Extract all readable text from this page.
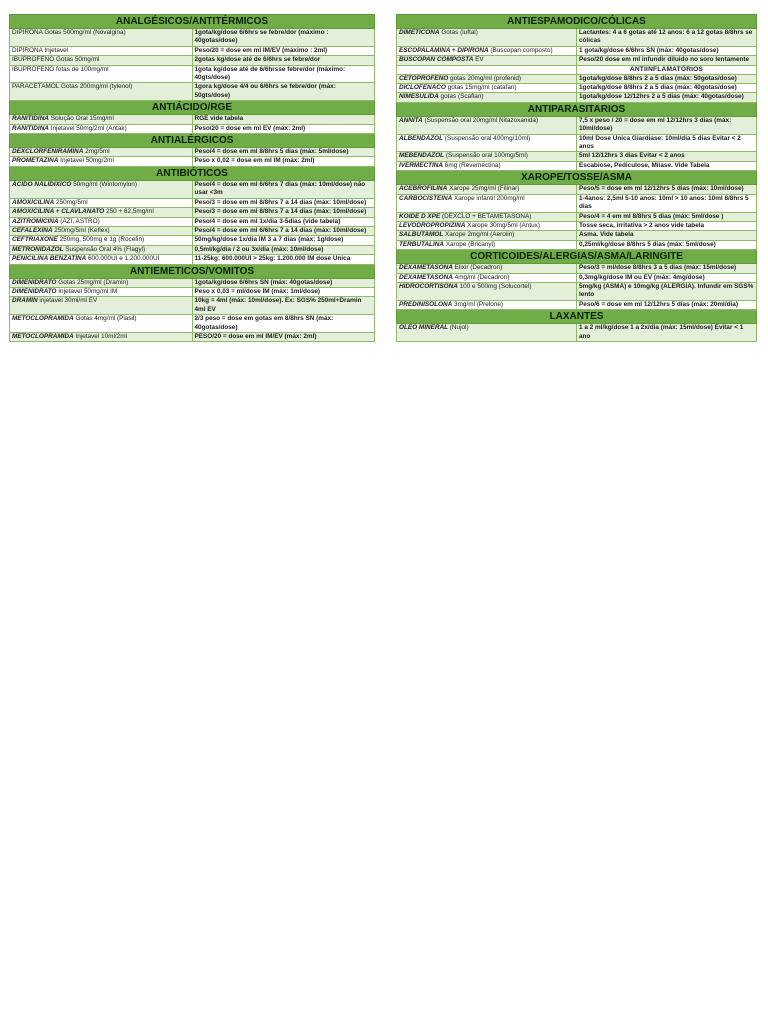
ANALGÉSICOS/ANTITÉRMICOS	
DIPIRONA Gotas 500mg/ml (Novalgina)	1gota/kg/dose 6/6hrs se febre/dor (máximo : 40gotas/dose)
DIPIRONA Injetavel	Peso/20 = dose em ml IM/EV (máximo : 2ml)
IBUPROFENO Gotas 50mg/ml	2gotas kg/dose até de 6/6hrs se febre/dor
IBUPROFENO fotas de 100mg/ml	1gota kg/dose até de 6/6hrsse febre/dor (máximo: 40gts/dose)
PARACETAMOL Gotas 200mg/ml (tylenol)	1gora kg/dose 4/4 ou 6/6hrs se febre/dor (máx: 50gts/dose)
ANTIÁCIDO/RGE	
RANITIDINA Solução Oral 15mg/ml	RGE vide tabela
RANITIDINA Injetavel 50mg/2ml (Antak)	Peso/20 = dose em ml EV (máx: 2ml)
ANTIALÉRGICOS	
DEXCLORFENIRAMINA 2mg/5ml	Peso/4 = dose em ml 8/8hrs 5 dias (máx: 5ml/dose)
PROMETAZINA Injetavel 50mg/2ml	Peso x 0,02 = dose em ml IM (máx: 2ml)
ANTIBIÓTICOS	
ÁCIDO NALIDIXICO 50mg/ml (Wintomylon)	Peso/4 = dose em ml 6/6hrs 7 dias (máx: 10ml/dose) não usar <3m
AMOXICILINA 250mg/5ml	Peso/3 = dose em ml 8/8hrs 7 a 14 dias (máx: 10ml/dose)
AMOXICILINA + CLAVLANATO 250 + 62,5mg/ml	Peso/3 = dose em ml 8/8hrs 7 a 14 dias (máx: 10ml/dose)
AZITROMICINA (AZI, ASTRO)	Peso/4 = dose em ml 1x/dia 3-5dias (vide tabela)
CEFALEXINA 250mg/5ml (Keflex)	Peso/4 = dose em ml 6/6hrs 7 a 14 dias (máx: 10ml/dose)
CEFTRIAXONE 250mg, 500mg e 1g (Rocefin)	50mg/kg/dose 1x/dia IM 3 a 7 dias (máx: 1g/dose)
METRONIDAZOL Suspensão Oral 4% (Flagyl)	0,5ml/kg/dia / 2 ou 3x/dia (máx: 10ml/dose)
PENICILINA BENZATINA 600.000UI e 1.200.000UI	11-25kg: 600.000UI > 25kg: 1.200.000 IM dose Unica
ANTIEMETICOS/VOMITOS	
DIMENIDRATO Gotas 25mg/ml (Dramin)	1gota/kg/dose 6/6hrs SN (máx: 40gotas/dose)
DIMENIDRATO Injetavel 50mg/ml IM	Peso x 0,03 = ml/dose IM (máx: 1ml/dose)
DRAMIN injetavel 30ml/ml EV	10kg = 4ml (máx: 10ml/dose). Ex: SGS% 250ml+Dramin 4ml EV
METOCLOPRAMIDA Gotas 4mg/ml (Plasil)	2/3 peso = dose em gotas em 8/8hrs SN (máx: 40gotas/dose)
METOCLOPRAMIDA Injetavel 10ml/2ml	PESO/20 = dose em ml IM/EV (máx: 2ml)
ANTIESPAMODICO/CÓLICAS	
DIMETICONA Gotas (luftal)	Lactantes: 4 a 6 gotas até 12 anos: 6 a 12 gotas 8/8hrs se cólicas
ESCOPALAMINA + DIPIRONA (Buscopan composto)	1 gota/kg/dose 6/6hrs SN (máx: 40gotas/dose)
BUSCOPAN COMPOSTA EV	Peso/20 dose em ml infundir diluido no soro lentamente
	ANTIINFLAMATÓRIOS
CETOPROFENO gotas 20mg/ml (profenid)	1gota/kg/dose 8/8hrs 2 a 5 dias (máx: 50gotas/dose)
DICLOFENACO gotas 15mg/ml (catafan)	1gota/kg/dose 8/8hrs 2 a 5 dias (máx: 40gotas/dose)
NIMESULIDA gotas (Scaflan)	1gota/kg/dose 12/12hrs 2 a 5 dias (máx: 40gotas/dose)
ANTIPARASITARIOS	
ANNITA (Suspensão oral 20mg/ml Nitazoxanida)	7,5 x peso / 20 = dose em ml 12/12hrs 3 dias (máx: 10ml/dose)
ALBENDAZOL (Suspensão oral 400mg/10ml)	10ml Dose Unica Giardiase: 10ml/dia 5 dias Evitar < 2 anos
MEBENDAZOL (Suspensão oral 100mg/5ml)	5ml 12/12hrs 3 dias Evitar < 2 anos
IVERMECTINA 6mg (Revemectina)	Escabiose, Pediculose, Miíase. Vide Tabela
XAROPE/TOSSE/ASMA	
ACEBROFILINA Xarope 25mg/ml (Filinar)	Peso/5 = dose em ml 12/12hrs 5 dias (máx: 10ml/dose)
CARBOCISTEINA Xarope infantil 200mg/ml	1-4anos: 2,5ml 5-10 anos: 10ml > 10 anos: 10ml 8/8hrs 5 dias
KOIDE D XPE (DEXCLO + BETAMETASONA)	Peso/4 = 4 em ml 8/8hrs 5 dias (máx: 5ml/dose )
LEVODROPROPIZINA Xarope 30mg/5ml (Antux)	Tosse seca, irritativa > 2 anos vide tabela
SALBUTAMOL Xarope 2mg/ml (Aerolin)	Asma. Vide tabela
TERBUTALINA Xarope (Bricanyl)	0,25ml/kg/dose 8/8hrs 5 dias (máx: 5ml/dose)
CORTICOIDES/ALERGIAS/ASMA/LARINGITE	
DEXAMETASONA Elixir (Decadron)	Peso/3 = ml/dose 8/8hrs 3 a 5 dias (máx: 15ml/dose)
DEXAMETASONA 4mg/ml (Decadron)	0,3mg/kg/dose IM ou EV (máx: 4mg/dose)
HIDROCORTISONA 100 e 500mg (Solucortel)	5mg/kg (ASMA) e 10mg/kg (ALERGIA). Infundir em SGS% lento
PREDINISOLONA 3mg/ml (Prelone)	Peso/6 = dose em ml 12/12hrs 5 dias (máx: 20ml/dia)
LAXANTES	
OLEO MINERAL (Nujol)	1 a 2 ml/kg/dose 1 a 2x/dia (máx: 15ml/dose) Evitar < 1 ano
